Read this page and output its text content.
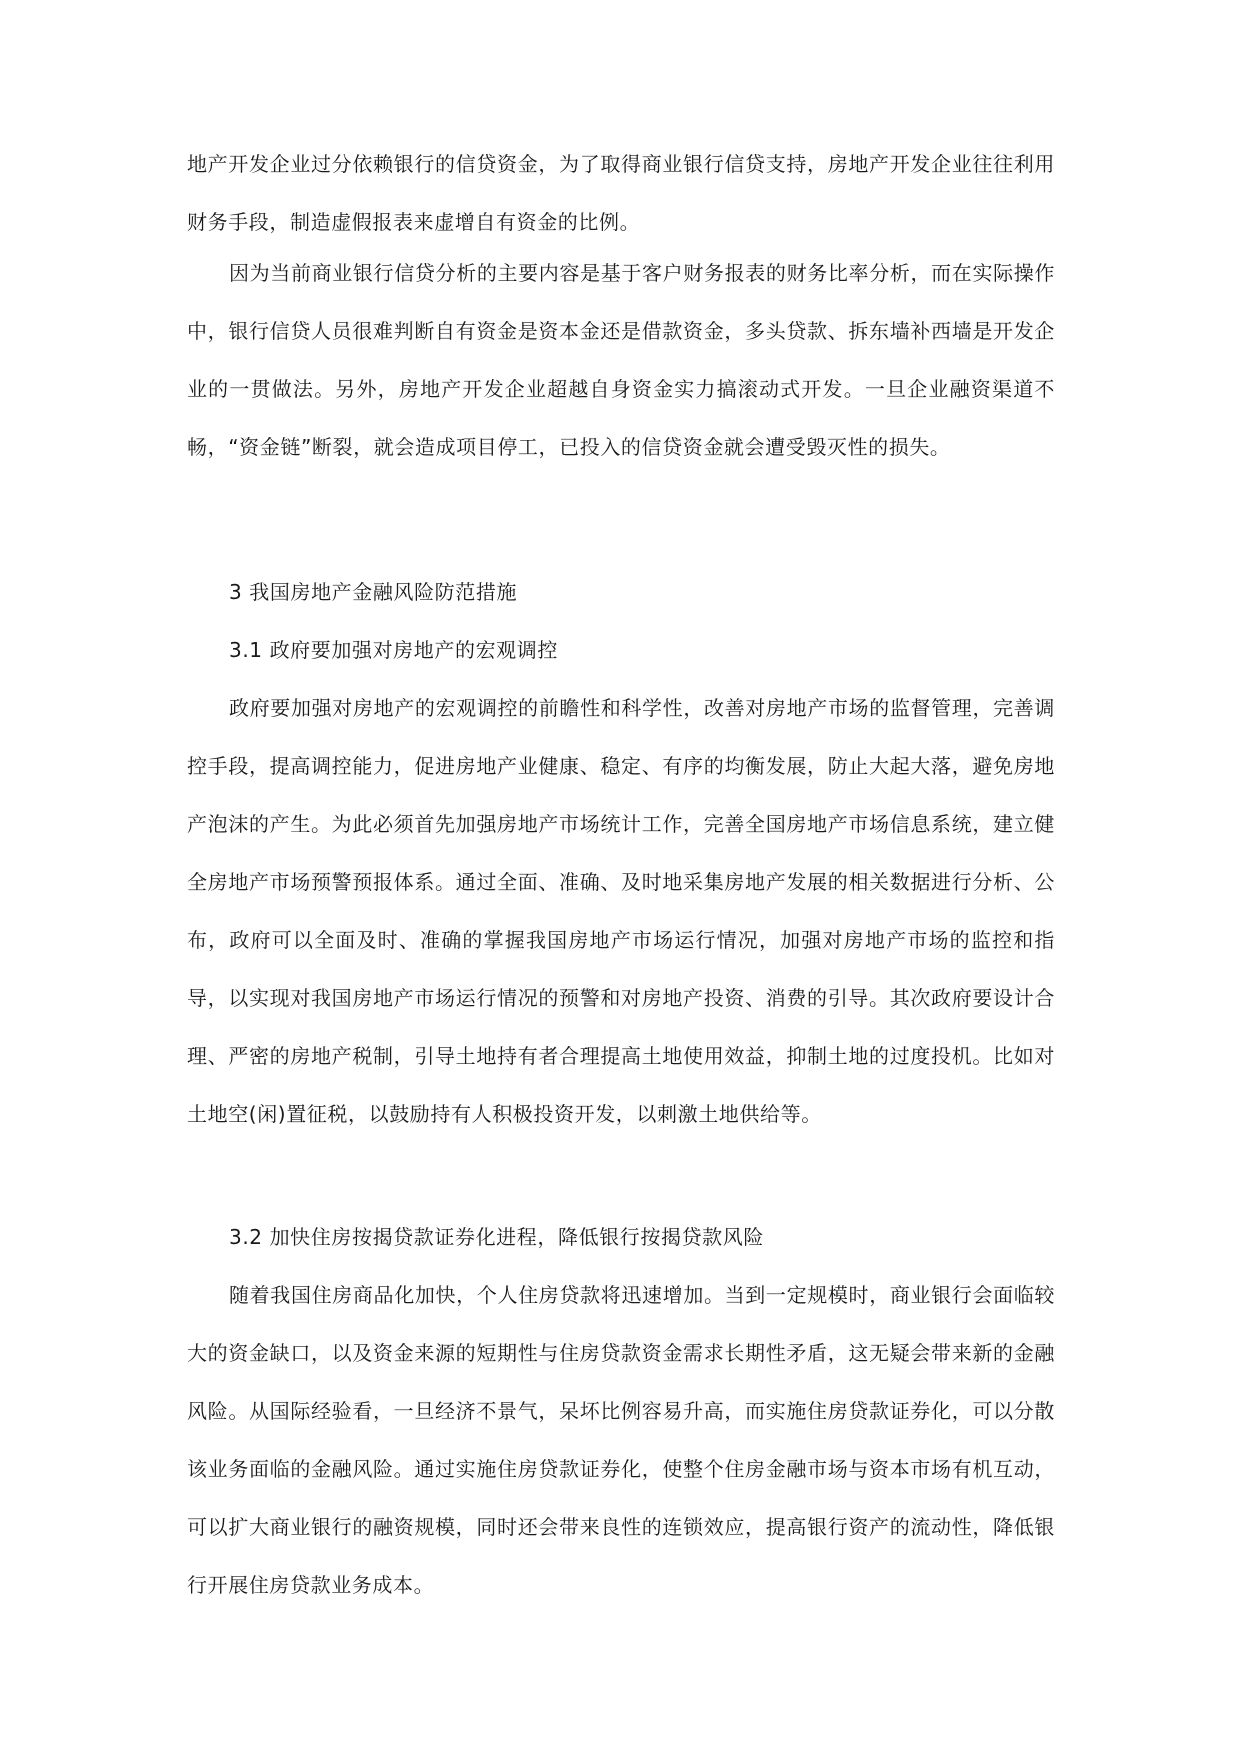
地产开发企业过分依赖银行的信贷资金，为了取得商业银行信贷支持，房地产开发企业往往利用财务手段，制造虚假报表来虚增自有资金的比例。

因为当前商业银行信贷分析的主要内容是基于客户财务报表的财务比率分析，而在实际操作中，银行信贷人员很难判断自有资金是资本金还是借款资金，多头贷款、拆东墙补西墙是开发企业的一贯做法。另外，房地产开发企业超越自身资金实力搞滚动式开发。一旦企业融资渠道不畅，“资金链”断裂，就会造成项目停工，已投入的信贷资金就会遭受毁灭性的损失。

3 我国房地产金融风险防范措施

3.1 政府要加强对房地产的宏观调控

政府要加强对房地产的宏观调控的前瞻性和科学性，改善对房地产市场的监督管理，完善调控手段，提高调控能力，促进房地产业健康、稳定、有序的均衡发展，防止大起大落，避免房地产泡沫的产生。为此必须首先加强房地产市场统计工作，完善全国房地产市场信息系统，建立健全房地产市场预警预报体系。通过全面、准确、及时地采集房地产发展的相关数据进行分析、公布，政府可以全面及时、准确的掌握我国房地产市场运行情况，加强对房地产市场的监控和指导，以实现对我国房地产市场运行情况的预警和对房地产投资、消费的引导。其次政府要设计合理、严密的房地产税制，引导土地持有者合理提高土地使用效益，抑制土地的过度投机。比如对土地空(闲)置征税，以鼓励持有人积极投资开发，以刺激土地供给等。

3.2 加快住房按揭贷款证券化进程，降低银行按揭贷款风险

随着我国住房商品化加快，个人住房贷款将迅速增加。当到一定规模时，商业银行会面临较大的资金缺口，以及资金来源的短期性与住房贷款资金需求长期性矛盾，这无疑会带来新的金融风险。从国际经验看，一旦经济不景气，呆坏比例容易升高，而实施住房贷款证券化，可以分散该业务面临的金融风险。通过实施住房贷款证券化，使整个住房金融市场与资本市场有机互动，可以扩大商业银行的融资规模，同时还会带来良性的连锁效应，提高银行资产的流动性，降低银行开展住房贷款业务成本。
